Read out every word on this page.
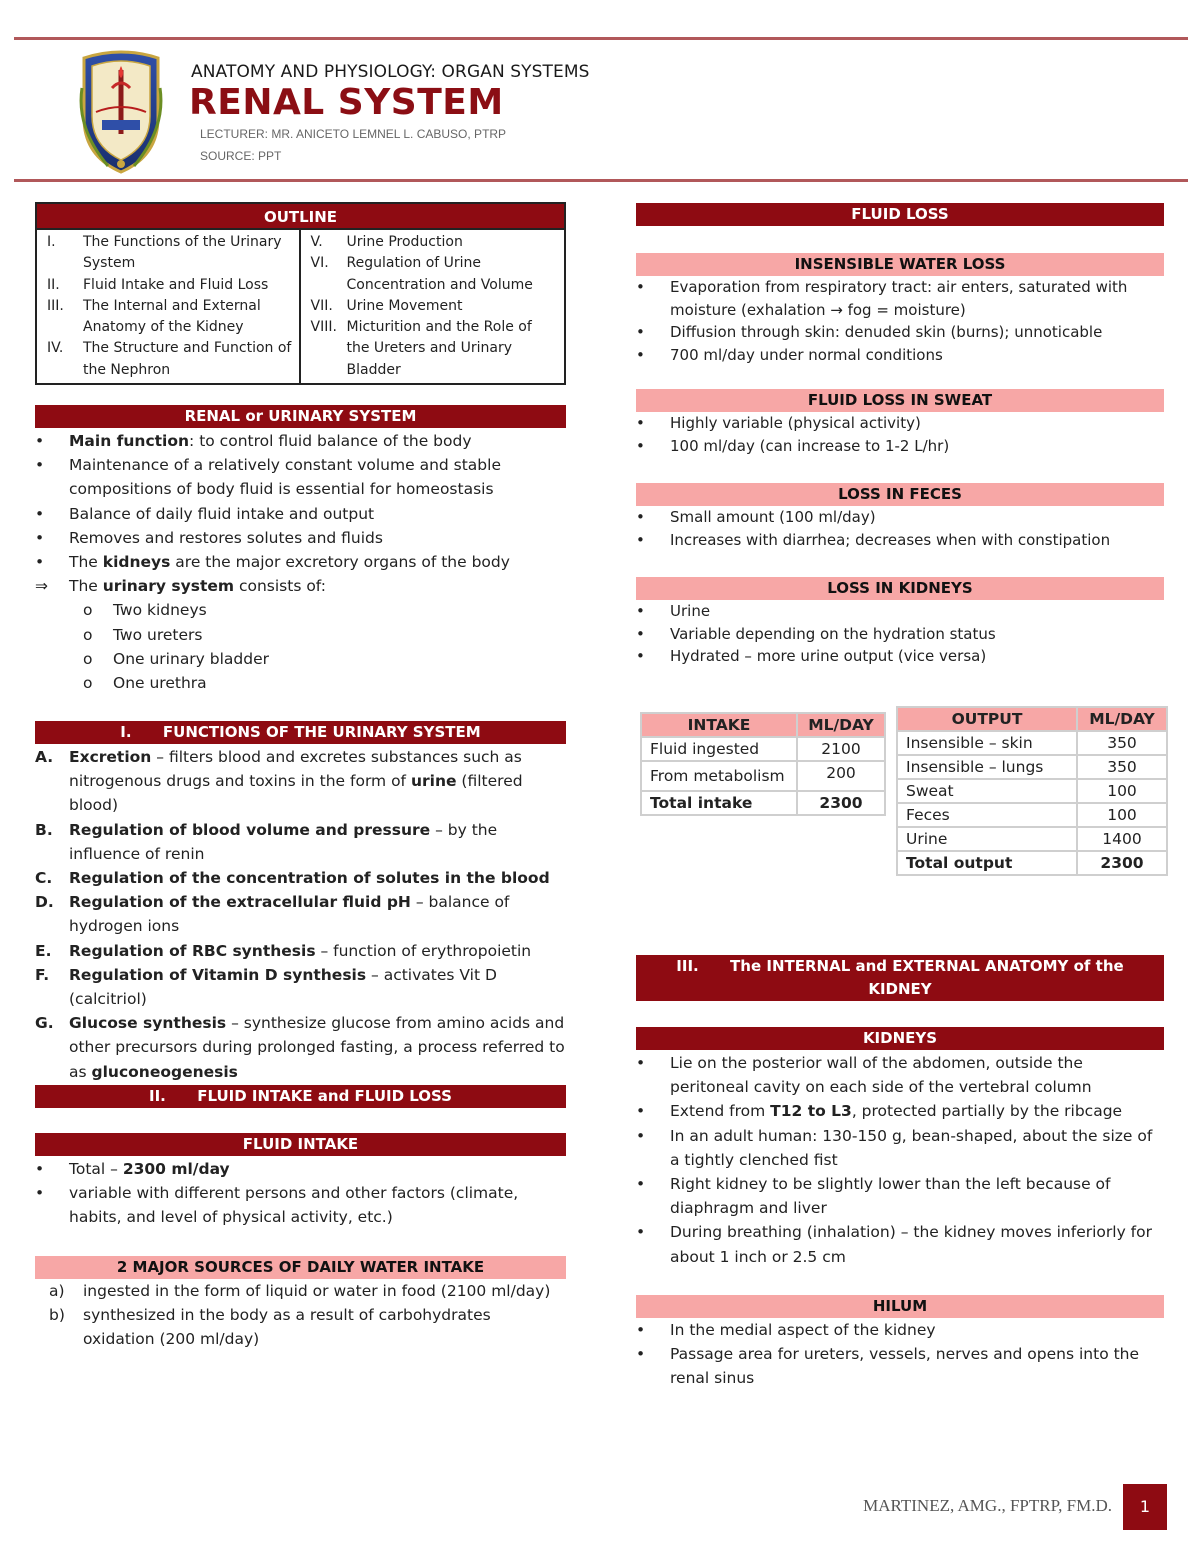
ANATOMY AND PHYSIOLOGY: ORGAN SYSTEMS
RENAL SYSTEM
LECTURER: MR. ANICETO LEMNEL L. CABUSO, PTRP
SOURCE: PPT
OUTLINE
I.	The Functions of the Urinary System
II.	Fluid Intake and Fluid Loss
III.	The Internal and External Anatomy of the Kidney
IV.	The Structure and Function of the Nephron
V.	Urine Production
VI.	Regulation of Urine Concentration and Volume
VII. Urine Movement
VIII. Micturition and the Role of the Ureters and Urinary Bladder
RENAL or URINARY SYSTEM
•	Main function: to control fluid balance of the body
•	Maintenance of a relatively constant volume and stable compositions of body fluid is essential for homeostasis
•	Balance of daily fluid intake and output
•	Removes and restores solutes and fluids
•	The kidneys are the major excretory organs of the body
⇒	The urinary system consists of:
o	Two kidneys
o	Two ureters
o	One urinary bladder
o	One urethra
I.      FUNCTIONS OF THE URINARY SYSTEM
A.	Excretion – filters blood and excretes substances such as nitrogenous drugs and toxins in the form of urine (filtered blood)
B.	Regulation of blood volume and pressure – by the influence of renin
C.	Regulation of the concentration of solutes in the blood
D. Regulation of the extracellular fluid pH – balance of hydrogen ions
E.	Regulation of RBC synthesis – function of erythropoietin
F.	Regulation of Vitamin D synthesis – activates Vit D (calcitriol)
G. Glucose synthesis – synthesize glucose from amino acids and other precursors during prolonged fasting, a process referred to as gluconeogenesis
II.      FLUID INTAKE and FLUID LOSS
FLUID INTAKE
•	Total – 2300 ml/day
•	variable with different persons and other factors (climate, habits, and level of physical activity, etc.)
2 MAJOR SOURCES OF DAILY WATER INTAKE
a)	ingested in the form of liquid or water in food (2100 ml/day)
b)	synthesized in the body as a result of carbohydrates oxidation (200 ml/day)
FLUID LOSS
INSENSIBLE WATER LOSS
•	Evaporation from respiratory tract: air enters, saturated with moisture (exhalation → fog = moisture)
•	Diffusion through skin: denuded skin (burns); unnoticable
•	700 ml/day under normal conditions
FLUID LOSS IN SWEAT
•	Highly variable (physical activity)
•	100 ml/day (can increase to 1-2 L/hr)
LOSS IN FECES
•	Small amount (100 ml/day)
•	Increases with diarrhea; decreases when with constipation
LOSS IN KIDNEYS
•	Urine
•	Variable depending on the hydration status
•	Hydrated – more urine output (vice versa)
INTAKE	ML/DAY
Fluid ingested	2100
From metabolism	200
Total intake	2300
OUTPUT	ML/DAY
Insensible – skin	350
Insensible – lungs	350
Sweat	100
Feces	100
Urine	1400
Total output	2300
III.      The INTERNAL and EXTERNAL ANATOMY of the KIDNEY
KIDNEYS
•	Lie on the posterior wall of the abdomen, outside the peritoneal cavity on each side of the vertebral column
•	Extend from T12 to L3, protected partially by the ribcage
•	In an adult human: 130-150 g, bean-shaped, about the size of a tightly clenched fist
•	Right kidney to be slightly lower than the left because of diaphragm and liver
•	During breathing (inhalation) – the kidney moves inferiorly for about 1 inch or 2.5 cm
HILUM
•	In the medial aspect of the kidney
•	Passage area for ureters, vessels, nerves and opens into the renal sinus
MARTINEZ, AMG., FPTRP, FM.D.	1
